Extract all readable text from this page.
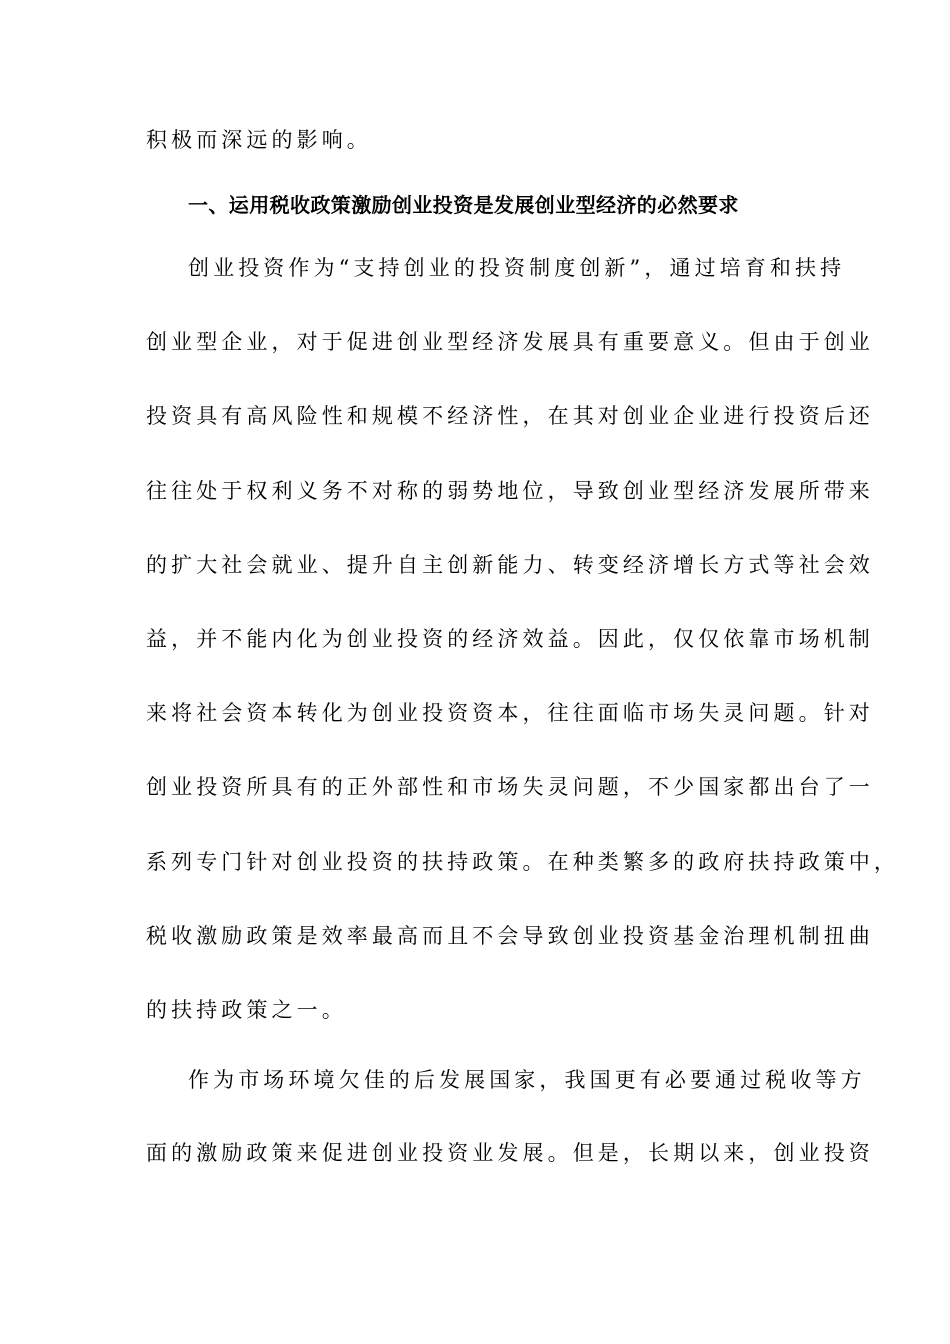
积极而深远的影响。
一、运用税收政策激励创业投资是发展创业型经济的必然要求
创业投资作为“支持创业的投资制度创新”，通过培育和扶持
创业型企业，对于促进创业型经济发展具有重要意义。但由于创业
投资具有高风险性和规模不经济性，在其对创业企业进行投资后还
往往处于权利义务不对称的弱势地位，导致创业型经济发展所带来
的扩大社会就业、提升自主创新能力、转变经济增长方式等社会效
益，并不能内化为创业投资的经济效益。因此，仅仅依靠市场机制
来将社会资本转化为创业投资资本，往往面临市场失灵问题。针对
创业投资所具有的正外部性和市场失灵问题，不少国家都出台了一
系列专门针对创业投资的扶持政策。在种类繁多的政府扶持政策中，
税收激励政策是效率最高而且不会导致创业投资基金治理机制扭曲
的扶持政策之一。
作为市场环境欠佳的后发展国家，我国更有必要通过税收等方
面的激励政策来促进创业投资业发展。但是，长期以来，创业投资
